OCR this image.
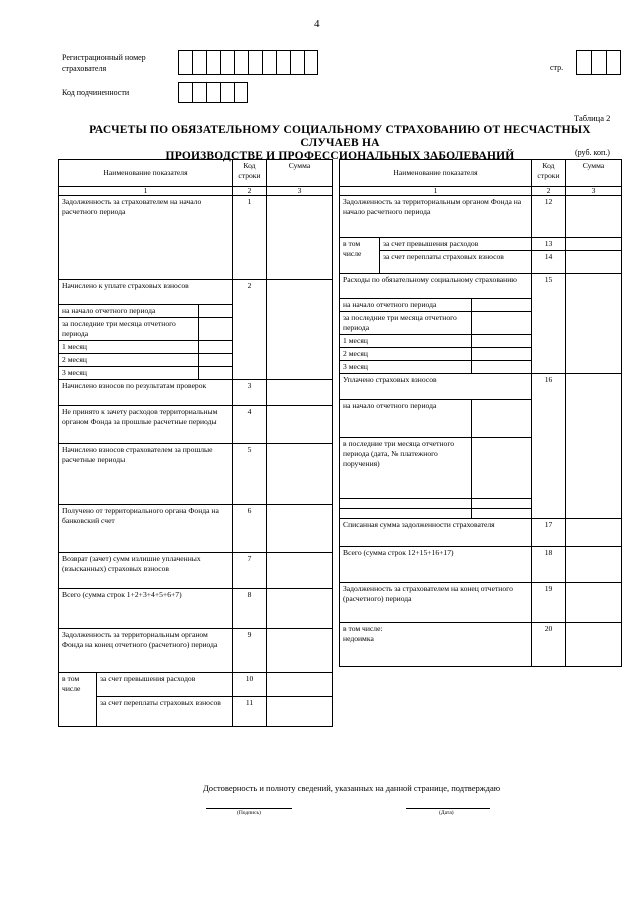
4
Регистрационный номер
страхователя
Код подчиненности
стр.
Таблица 2
РАСЧЕТЫ ПО ОБЯЗАТЕЛЬНОМУ СОЦИАЛЬНОМУ СТРАХОВАНИЮ ОТ НЕСЧАСТНЫХ СЛУЧАЕВ НА
ПРОИЗВОДСТВЕ И ПРОФЕССИОНАЛЬНЫХ ЗАБОЛЕВАНИЙ	(руб. коп.)
Наименование показателя			Код
строки	Сумма
1			2	3
Задолженность за страхователем на начало расчетного периода			1	
Начислено к уплате страховых взносов			2	
на начало отчетного периода				
за последние три месяца отчетного периода				
1 месяц				
2 месяц				
3 месяц				
Начислено взносов по результатам проверок			3	
Не принято к зачету расходов территориальным органом Фонда за прошлые расчетные периоды			4	
Начислено взносов страхователем за прошлые расчетные периоды			5	
Получено от территориального органа Фонда на банковский счет			6	
Возврат (зачет) сумм излишне уплаченных (взысканных) страховых взносов			7	
Всего (сумма строк 1+2+3+4+5+6+7)			8	
Задолженность за территориальным органом Фонда на конец отчетного (расчетного) периода			9	

в том
числе	за счет превышения расходов		10	
	за счет переплаты страховых взносов		11	
Наименование показателя			Код
строки	Сумма
1			2	3
Задолженность за территориальным органом Фонда на начало расчетного периода			12	

в том
числе	за счет превышения расходов		13	
	за счет переплаты страховых взносов		14	
Расходы по обязательному социальному страхованию			15	
на начало отчетного периода				
за последние три месяца отчетного периода				
1 месяц				
2 месяц				
3 месяц				
Уплачено страховых взносов			16	
на начало отчетного периода				
в последние три месяца отчетного периода (дата, № платежного поручения)				

Списанная сумма задолженности страхователя			17	
Всего (сумма строк 12+15+16+17)			18	
Задолженность за страхователем на конец отчетного (расчетного) периода			19	

в том числе:
недоимка			20	
Достоверность и полноту сведений, указанных на данной странице, подтверждаю
(Подпись)	(Дата)
